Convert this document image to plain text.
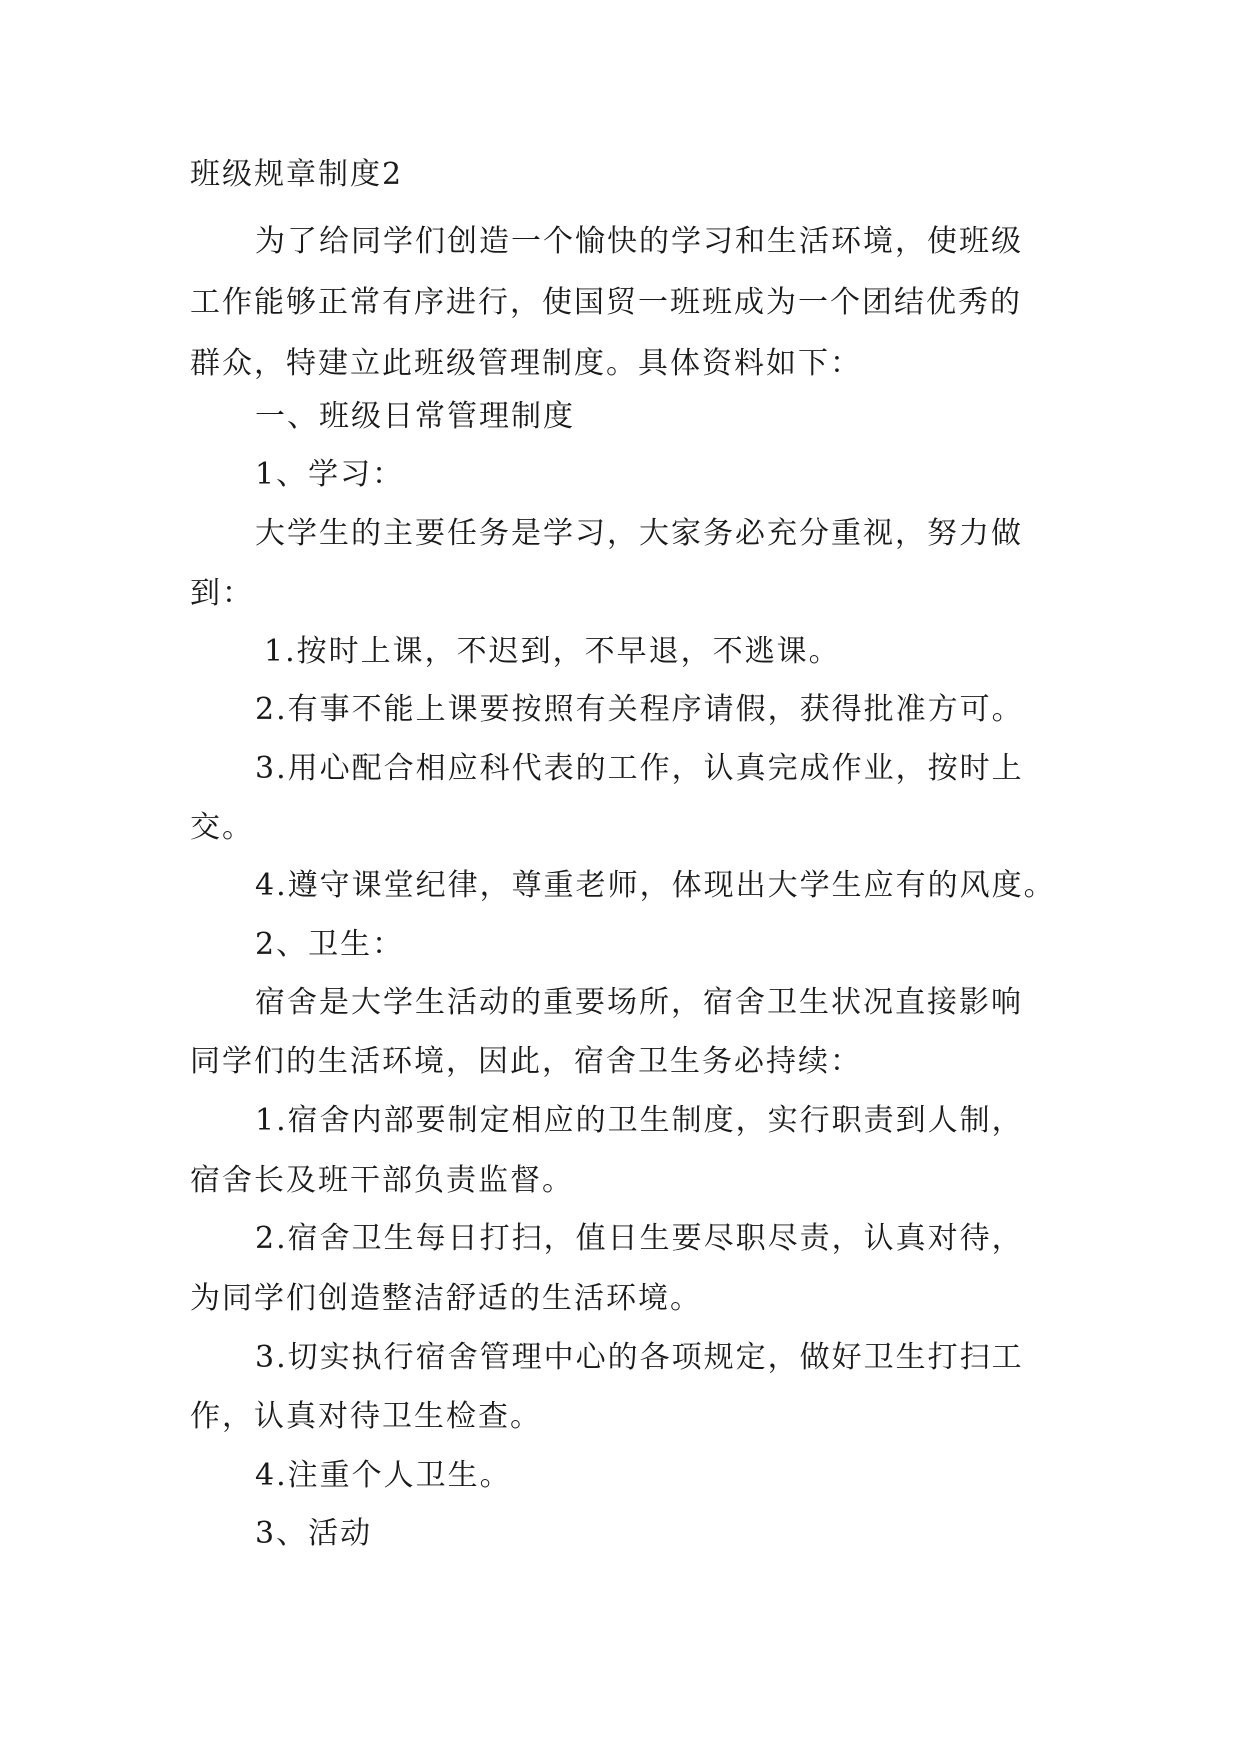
班级规章制度2
为了给同学们创造一个愉快的学习和生活环境，使班级
工作能够正常有序进行，使国贸一班班成为一个团结优秀的
群众，特建立此班级管理制度。具体资料如下：
一、班级日常管理制度
1、学习：
大学生的主要任务是学习，大家务必充分重视，努力做
到：
1.按时上课，不迟到，不早退，不逃课。
2.有事不能上课要按照有关程序请假，获得批准方可。
3.用心配合相应科代表的工作，认真完成作业，按时上
交。
4.遵守课堂纪律，尊重老师，体现出大学生应有的风度。
2、卫生：
宿舍是大学生活动的重要场所，宿舍卫生状况直接影响
同学们的生活环境，因此，宿舍卫生务必持续：
1.宿舍内部要制定相应的卫生制度，实行职责到人制，
宿舍长及班干部负责监督。
2.宿舍卫生每日打扫，值日生要尽职尽责，认真对待，
为同学们创造整洁舒适的生活环境。
3.切实执行宿舍管理中心的各项规定，做好卫生打扫工
作，认真对待卫生检查。
4.注重个人卫生。
3、活动
